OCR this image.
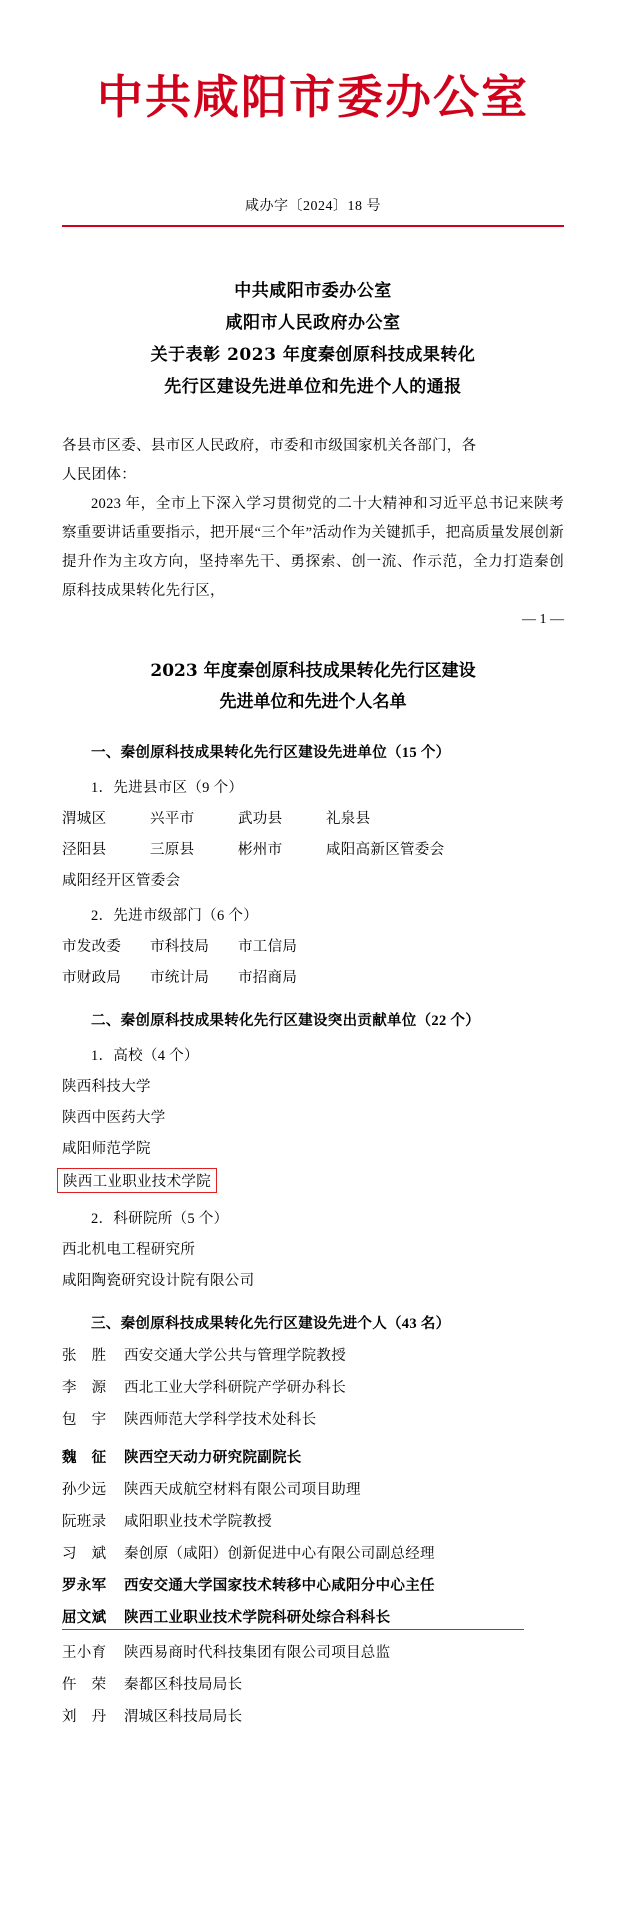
中共咸阳市委办公室
咸办字〔2024〕18 号
中共咸阳市委办公室
咸阳市人民政府办公室
关于表彰 2023 年度秦创原科技成果转化
先行区建设先进单位和先进个人的通报
各县市区委、县市区人民政府，市委和市级国家机关各部门，各
人民团体：
2023 年，全市上下深入学习贯彻党的二十大精神和习近平总书记来陕考察重要讲话重要指示，把开展“三个年”活动作为关键抓手，把高质量发展创新提升作为主攻方向，坚持率先干、勇探索、创一流、作示范，全力打造秦创原科技成果转化先行区，
— 1 —
2023 年度秦创原科技成果转化先行区建设
先进单位和先进个人名单
一、秦创原科技成果转化先行区建设先进单位（15 个）
1．先进县市区（9 个）
渭城区	兴平市	武功县	礼泉县
泾阳县	三原县	彬州市	咸阳高新区管委会
咸阳经开区管委会
2．先进市级部门（6 个）
市发改委 市科技局 市工信局
市财政局 市统计局 市招商局
二、秦创原科技成果转化先行区建设突出贡献单位（22 个）
1．高校（4 个）
陕西科技大学
陕西中医药大学
咸阳师范学院
陕西工业职业技术学院
2．科研院所（5 个）
西北机电工程研究所
咸阳陶瓷研究设计院有限公司
三、秦创原科技成果转化先行区建设先进个人（43 名）
张　胜 西安交通大学公共与管理学院教授
李　源 西北工业大学科研院产学研办科长
包　宇 陕西师范大学科学技术处科长
魏　征 陕西空天动力研究院副院长
孙少远 陕西天成航空材料有限公司项目助理
阮班录 咸阳职业技术学院教授
习　斌 秦创原（咸阳）创新促进中心有限公司副总经理
罗永军 西安交通大学国家技术转移中心咸阳分中心主任
屈文斌 陕西工业职业技术学院科研处综合科科长
王小育 陕西易商时代科技集团有限公司项目总监
仵　荣 秦都区科技局局长
刘　丹 渭城区科技局局长
